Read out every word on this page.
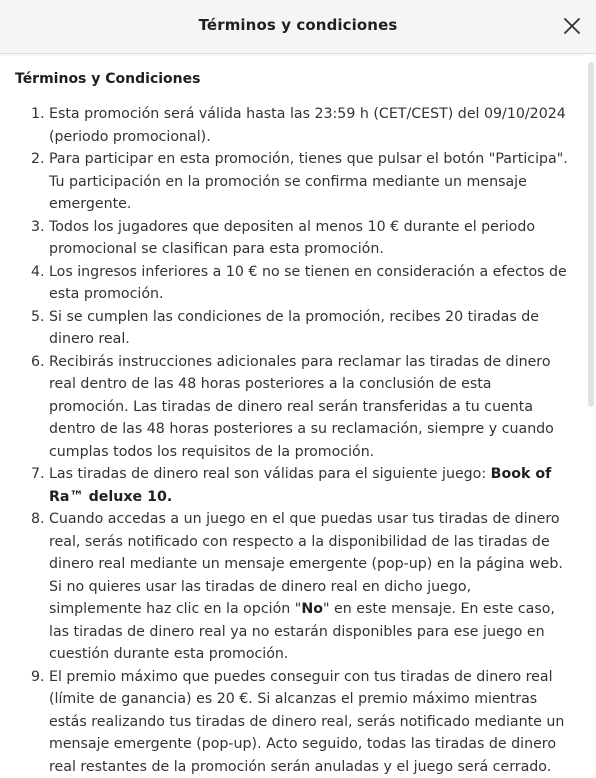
Términos y condiciones
Términos y Condiciones
1. Esta promoción será válida hasta las 23:59 h (CET/CEST) del 09/10/2024 (periodo promocional).
2. Para participar en esta promoción, tienes que pulsar el botón "Participa". Tu participación en la promoción se confirma mediante un mensaje emergente.
3. Todos los jugadores que depositen al menos 10 € durante el periodo promocional se clasifican para esta promoción.
4. Los ingresos inferiores a 10 € no se tienen en consideración a efectos de esta promoción.
5. Si se cumplen las condiciones de la promoción, recibes 20 tiradas de dinero real.
6. Recibirás instrucciones adicionales para reclamar las tiradas de dinero real dentro de las 48 horas posteriores a la conclusión de esta promoción. Las tiradas de dinero real serán transferidas a tu cuenta dentro de las 48 horas posteriores a su reclamación, siempre y cuando cumplas todos los requisitos de la promoción.
7. Las tiradas de dinero real son válidas para el siguiente juego: Book of Ra™ deluxe 10.
8. Cuando accedas a un juego en el que puedas usar tus tiradas de dinero real, serás notificado con respecto a la disponibilidad de las tiradas de dinero real mediante un mensaje emergente (pop-up) en la página web. Si no quieres usar las tiradas de dinero real en dicho juego, simplemente haz clic en la opción "No" en este mensaje. En este caso, las tiradas de dinero real ya no estarán disponibles para ese juego en cuestión durante esta promoción.
9. El premio máximo que puedes conseguir con tus tiradas de dinero real (límite de ganancia) es 20 €. Si alcanzas el premio máximo mientras estás realizando tus tiradas de dinero real, serás notificado mediante un mensaje emergente (pop-up). Acto seguido, todas las tiradas de dinero real restantes de la promoción serán anuladas y el juego será cerrado.
